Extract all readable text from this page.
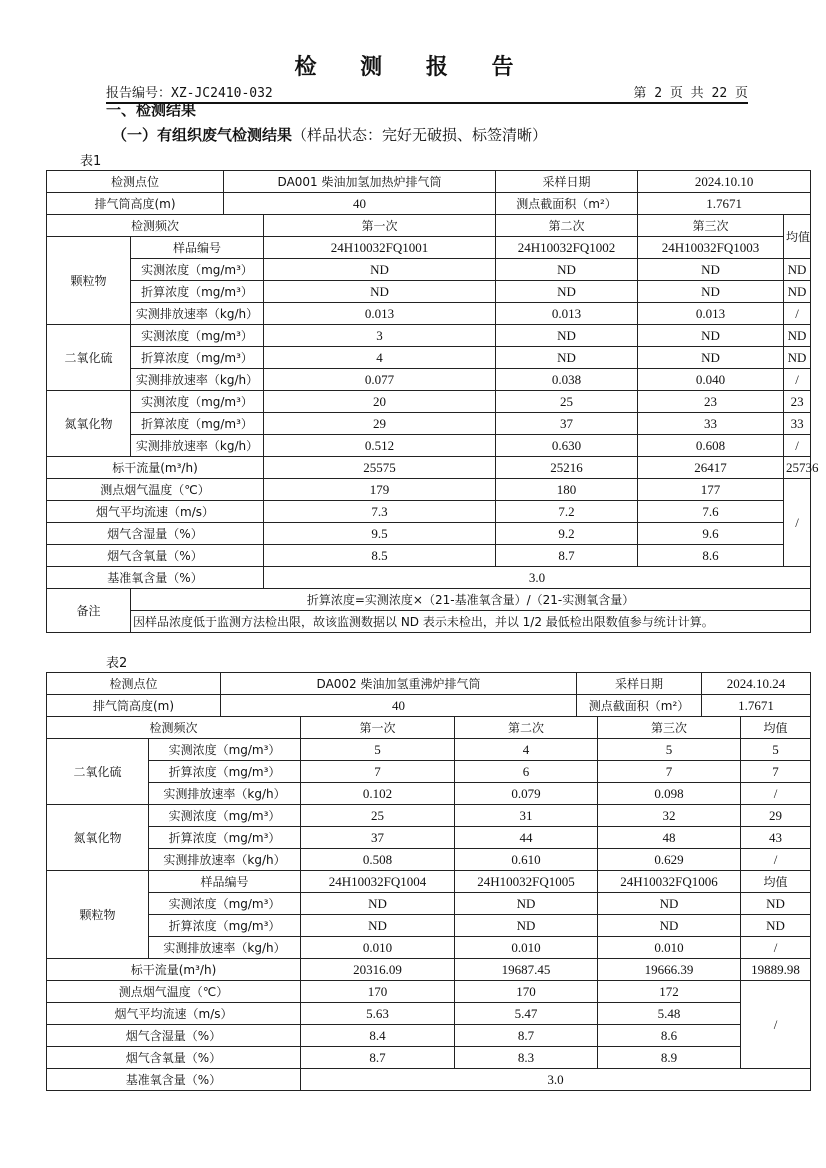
检 测 报 告
报告编号：XZ-JC2410-032	第 2 页 共 22 页
一、检测结果
（一）有组织废气检测结果（样品状态：完好无破损、标签清晰）
表1
检测点位		DA001 柴油加氢加热炉排气筒		采样日期	2024.10.10	
排气筒高度(m)		40		测点截面积（m²）	1.7671	
检测频次			第一次	第二次	第三次	均值
颗粒物	样品编号		24H10032FQ1001	24H10032FQ1002	24H10032FQ1003	
	实测浓度（mg/m³）		ND	ND	ND	ND
	折算浓度（mg/m³）		ND	ND	ND	ND
	实测排放速率（kg/h）		0.013	0.013	0.013	/
二氧化硫	实测浓度（mg/m³）		3	ND	ND	ND
	折算浓度（mg/m³）		4	ND	ND	ND
	实测排放速率（kg/h）		0.077	0.038	0.040	/
氮氧化物	实测浓度（mg/m³）		20	25	23	23
	折算浓度（mg/m³）		29	37	33	33
	实测排放速率（kg/h）		0.512	0.630	0.608	/
标干流量(m³/h)			25575	25216	26417	25736
测点烟气温度（℃）			179	180	177	/
烟气平均流速（m/s）			7.3	7.2	7.6	
烟气含湿量（%）			9.5	9.2	9.6	
烟气含氧量（%）			8.5	8.7	8.6	
基准氧含量（%）			3.0			
备注	折算浓度=实测浓度×（21-基准氧含量）/（21-实测氧含量）					
	因样品浓度低于监测方法检出限，故该监测数据以 ND 表示未检出，并以 1/2 最低检出限数值参与统计计算。					
表2
检测点位	DA002 柴油加氢重沸炉排气筒	采样日期	2024.10.24
排气筒高度(m)	40	测点截面积（m²）	1.7671
检测频次		第一次	第二次	第三次	均值
二氧化硫	实测浓度（mg/m³）	5	4	5	5
	折算浓度（mg/m³）	7	6	7	7
	实测排放速率（kg/h）	0.102	0.079	0.098	/
氮氧化物	实测浓度（mg/m³）	25	31	32	29
	折算浓度（mg/m³）	37	44	48	43
	实测排放速率（kg/h）	0.508	0.610	0.629	/
颗粒物	样品编号	24H10032FQ1004	24H10032FQ1005	24H10032FQ1006	均值
	实测浓度（mg/m³）	ND	ND	ND	ND
	折算浓度（mg/m³）	ND	ND	ND	ND
	实测排放速率（kg/h）	0.010	0.010	0.010	/
标干流量(m³/h)		20316.09	19687.45	19666.39	19889.98
测点烟气温度（℃）		170	170	172	/
烟气平均流速（m/s）		5.63	5.47	5.48	
烟气含湿量（%）		8.4	8.7	8.6	
烟气含氧量（%）		8.7	8.3	8.9	
基准氧含量（%）		3.0			
